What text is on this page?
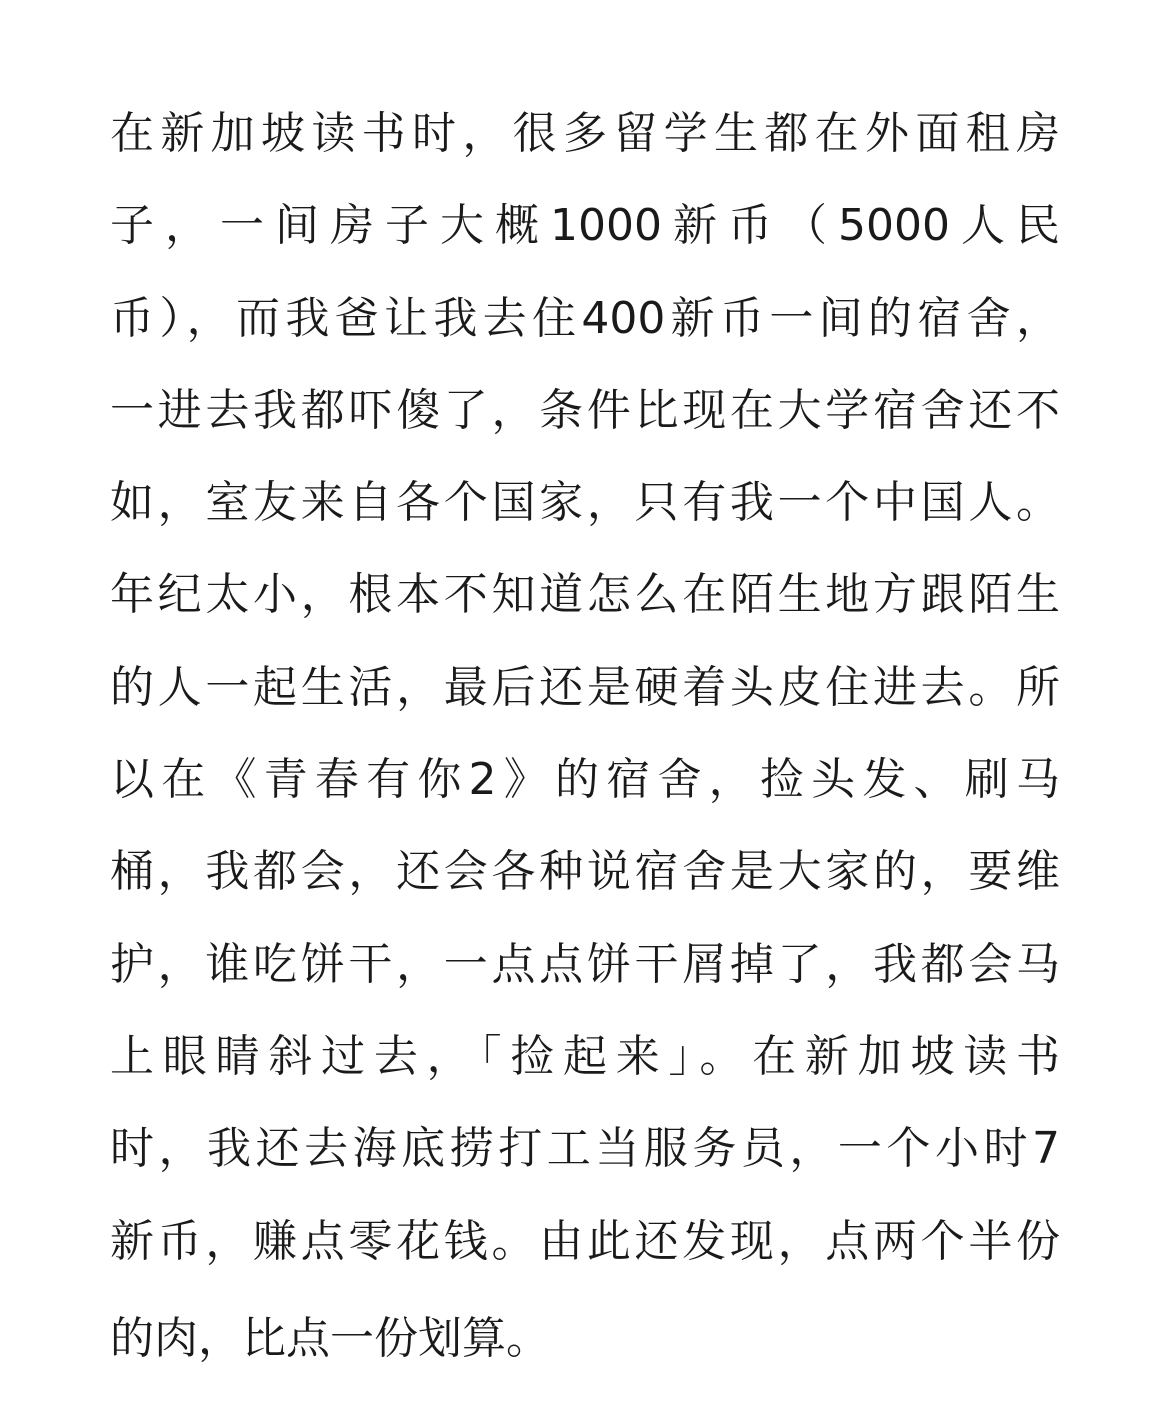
在新加坡读书时，很多留学生都在外面租房
子，一间房子大概1000新币（5000人民
币），而我爸让我去住400新币一间的宿舍，
一进去我都吓傻了，条件比现在大学宿舍还不
如，室友来自各个国家，只有我一个中国人。
年纪太小，根本不知道怎么在陌生地方跟陌生
的人一起生活，最后还是硬着头皮住进去。所
以在《青春有你2》的宿舍，捡头发、刷马
桶，我都会，还会各种说宿舍是大家的，要维
护，谁吃饼干，一点点饼干屑掉了，我都会马
上眼睛斜过去，「捡起来」。在新加坡读书
时，我还去海底捞打工当服务员，一个小时7
新币，赚点零花钱。由此还发现，点两个半份
的肉，比点一份划算。
